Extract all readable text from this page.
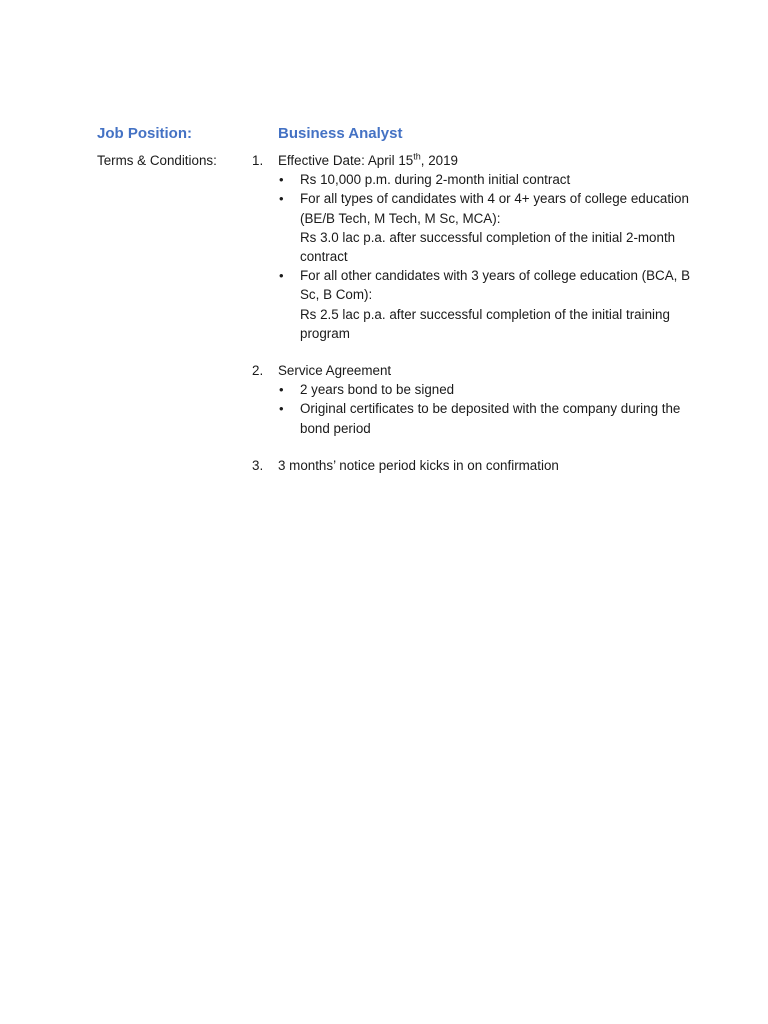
Job Position:	Business Analyst
Terms & Conditions:	1.	Effective Date: April 15th, 2019
• Rs 10,000 p.m. during 2-month initial contract
• For all types of candidates with 4 or 4+ years of college education (BE/B Tech, M Tech, M Sc, MCA):
Rs 3.0 lac p.a. after successful completion of the initial 2-month contract
• For all other candidates with 3 years of college education (BCA, B Sc, B Com):
Rs 2.5 lac p.a. after successful completion of the initial training program
2.	Service Agreement
• 2 years bond to be signed
• Original certificates to be deposited with the company during the bond period
3.	3 months’ notice period kicks in on confirmation
